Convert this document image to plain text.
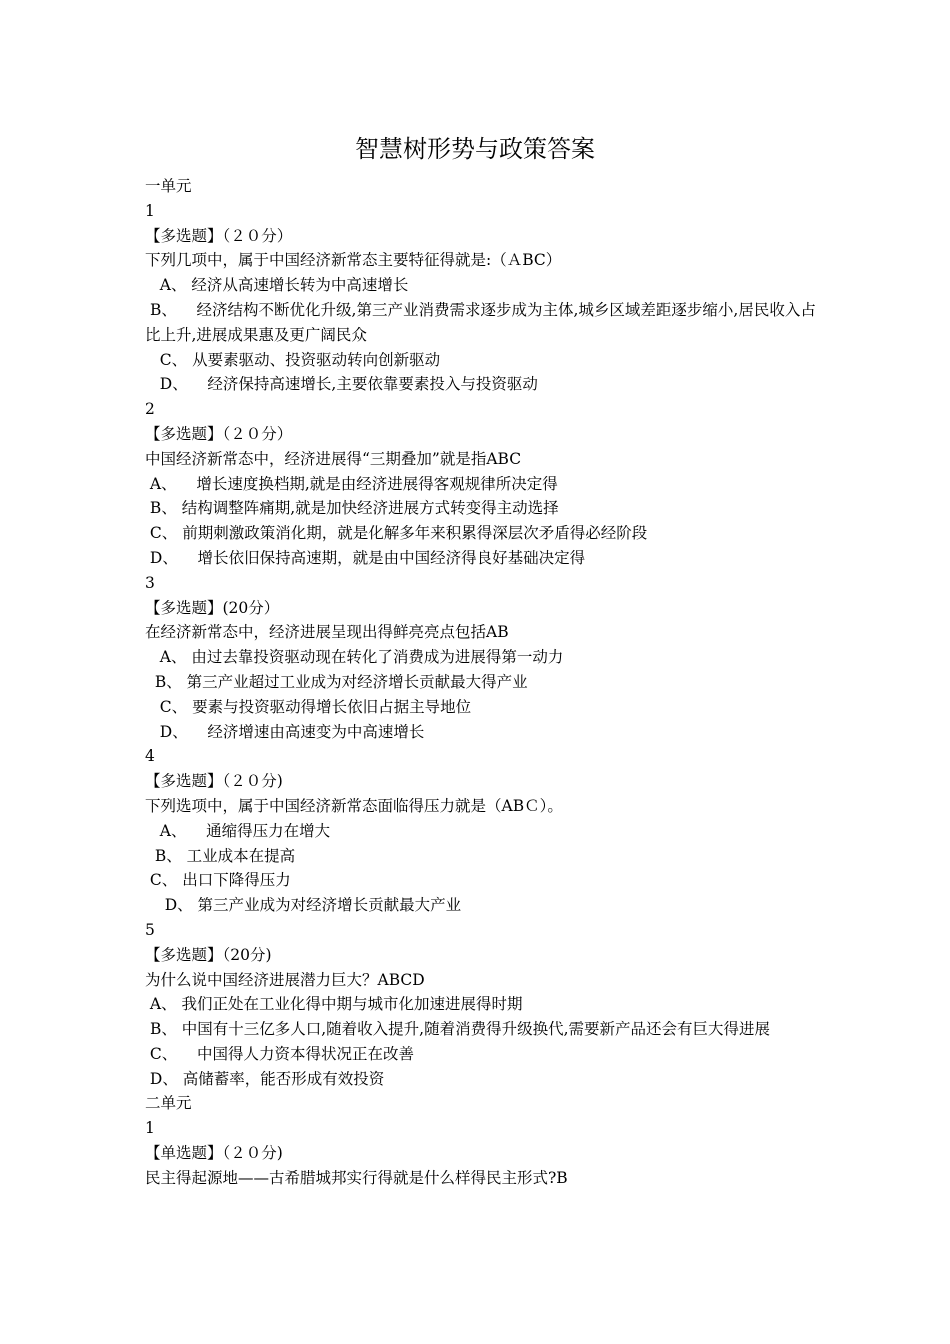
智慧树形势与政策答案

一单元

1

【多选题】（２０分）

下列几项中，属于中国经济新常态主要特征得就是:（ＡBC）

A、 经济从高速增长转为中高速增长

B、    经济结构不断优化升级,第三产业消费需求逐步成为主体,城乡区域差距逐步缩小,居民收入占比上升,进展成果惠及更广阔民众

C、 从要素驱动、投资驱动转向创新驱动

D、    经济保持高速增长,主要依靠要素投入与投资驱动

2

【多选题】（２０分）

中国经济新常态中，经济进展得“三期叠加”就是指ABC

A、    增长速度换档期,就是由经济进展得客观规律所决定得

B、 结构调整阵痛期,就是加快经济进展方式转变得主动选择

C、 前期刺激政策消化期，就是化解多年来积累得深层次矛盾得必经阶段

D、    增长依旧保持高速期，就是由中国经济得良好基础决定得

3

【多选题】(20分）

在经济新常态中，经济进展呈现出得鲜亮亮点包括AB

A、 由过去靠投资驱动现在转化了消费成为进展得第一动力

B、 第三产业超过工业成为对经济增长贡献最大得产业

C、 要素与投资驱动得增长依旧占据主导地位

D、    经济增速由高速变为中高速增长

4

【多选题】（２０分)

下列选项中，属于中国经济新常态面临得压力就是（ABＣ）。

A、    通缩得压力在增大

B、 工业成本在提高

C、 出口下降得压力

D、 第三产业成为对经济增长贡献最大产业

5

【多选题】（20分)

为什么说中国经济进展潜力巨大？ABCD

A、 我们正处在工业化得中期与城市化加速进展得时期

B、 中国有十三亿多人口,随着收入提升,随着消费得升级换代,需要新产品还会有巨大得进展

C、    中国得人力资本得状况正在改善

D、 高储蓄率，能否形成有效投资

二单元

1

【单选题】（２０分)

民主得起源地——古希腊城邦实行得就是什么样得民主形式?B
